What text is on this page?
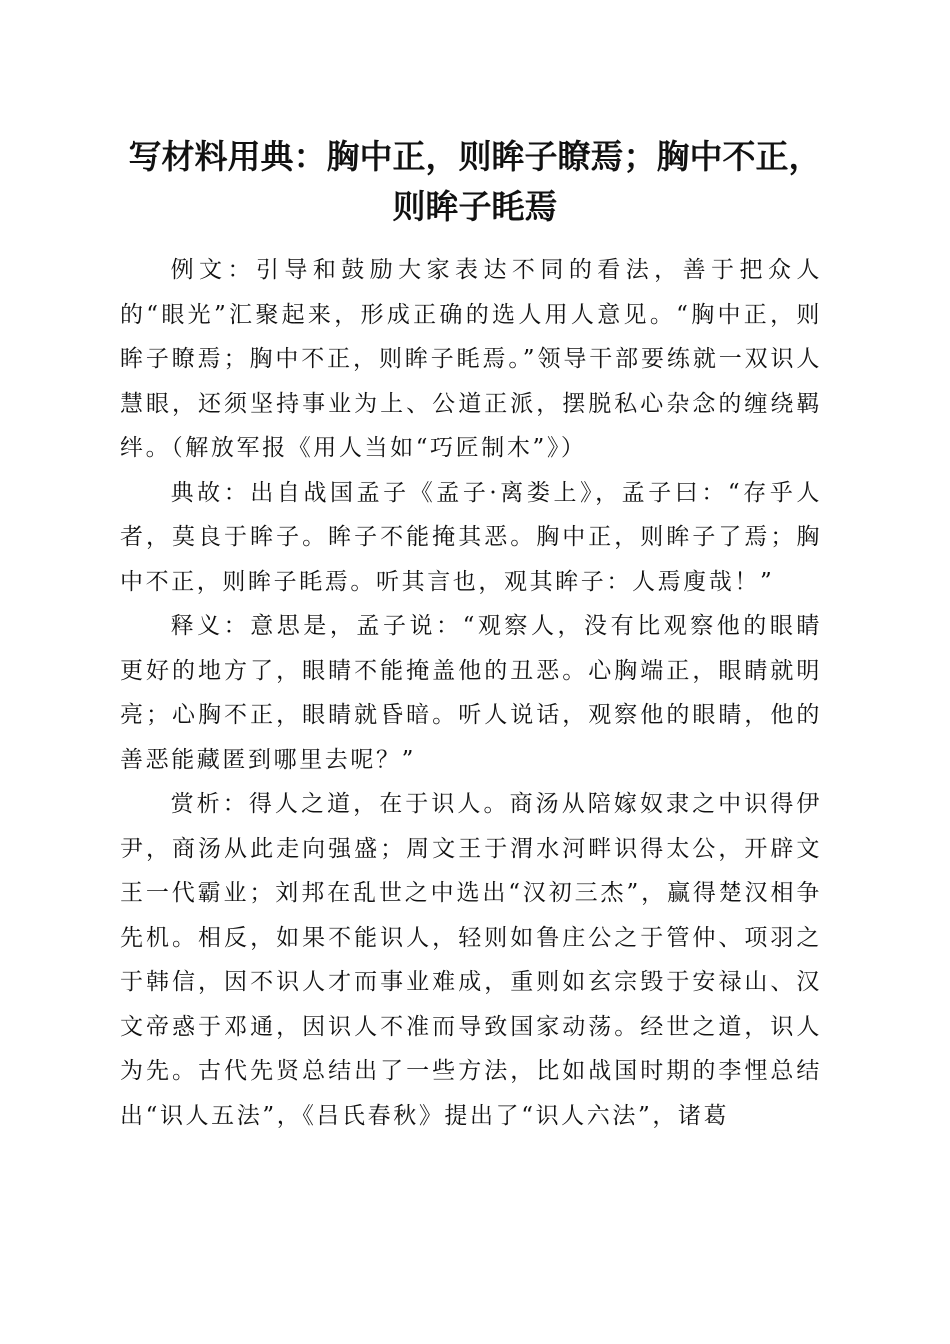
写材料用典：胸中正，则眸子瞭焉；胸中不正，
则眸子眊焉

例文：引导和鼓励大家表达不同的看法，善于把众人的“眼光”汇聚起来，形成正确的选人用人意见。“胸中正，则眸子瞭焉；胸中不正，则眸子眊焉。”领导干部要练就一双识人慧眼，还须坚持事业为上、公道正派，摆脱私心杂念的缠绕羁绊。（解放军报《用人当如“巧匠制木”》）

典故：出自战国孟子《孟子·离娄上》，孟子曰：“存乎人者，莫良于眸子。眸子不能掩其恶。胸中正，则眸子了焉；胸中不正，则眸子眊焉。听其言也，观其眸子：人焉廋哉！”

释义：意思是，孟子说：“观察人，没有比观察他的眼睛更好的地方了，眼睛不能掩盖他的丑恶。心胸端正，眼睛就明亮；心胸不正，眼睛就昏暗。听人说话，观察他的眼睛，他的善恶能藏匿到哪里去呢？”

赏析：得人之道，在于识人。商汤从陪嫁奴隶之中识得伊尹，商汤从此走向强盛；周文王于渭水河畔识得太公，开辟文王一代霸业；刘邦在乱世之中选出“汉初三杰”，赢得楚汉相争先机。相反，如果不能识人，轻则如鲁庄公之于管仲、项羽之于韩信，因不识人才而事业难成，重则如玄宗毁于安禄山、汉文帝惑于邓通，因识人不准而导致国家动荡。经世之道，识人为先。古代先贤总结出了一些方法，比如战国时期的李悝总结出“识人五法”，《吕氏春秋》提出了“识人六法”，诸葛
